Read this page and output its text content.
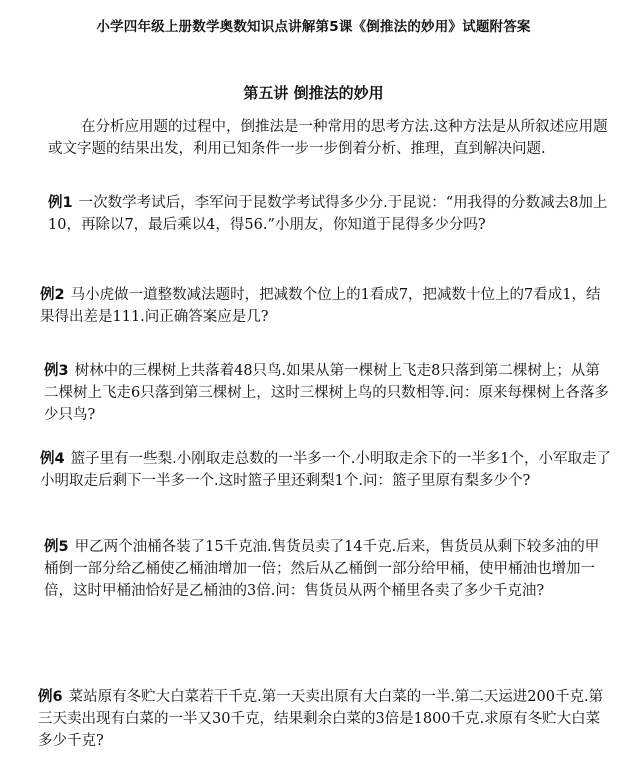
小学四年级上册数学奥数知识点讲解第5课《倒推法的妙用》试题附答案
第五讲 倒推法的妙用

在分析应用题的过程中，倒推法是一种常用的思考方法.这种方法是从所叙述应用题或文字题的结果出发，利用已知条件一步一步倒着分析、推理，直到解决问题.

例1 一次数学考试后，李军问于昆数学考试得多少分.于昆说：“用我得的分数减去8加上10，再除以7，最后乘以4，得56.”小朋友，你知道于昆得多少分吗?

例2 马小虎做一道整数减法题时，把减数个位上的1看成7，把减数十位上的7看成1，结果得出差是111.问正确答案应是几?

例3 树林中的三棵树上共落着48只鸟.如果从第一棵树上飞走8只落到第二棵树上；从第二棵树上飞走6只落到第三棵树上，这时三棵树上鸟的只数相等.问：原来每棵树上各落多少只鸟?

例4 篮子里有一些梨.小刚取走总数的一半多一个.小明取走余下的一半多1个，小军取走了小明取走后剩下一半多一个.这时篮子里还剩梨1个.问：篮子里原有梨多少个?

例5 甲乙两个油桶各装了15千克油.售货员卖了14千克.后来，售货员从剩下较多油的甲桶倒一部分给乙桶使乙桶油增加一倍；然后从乙桶倒一部分给甲桶，使甲桶油也增加一倍，这时甲桶油恰好是乙桶油的3倍.问：售货员从两个桶里各卖了多少千克油?

例6 菜站原有冬贮大白菜若干千克.第一天卖出原有大白菜的一半.第二天运进200千克.第三天卖出现有白菜的一半又30千克，结果剩余白菜的3倍是1800千克.求原有冬贮大白菜多少千克?
